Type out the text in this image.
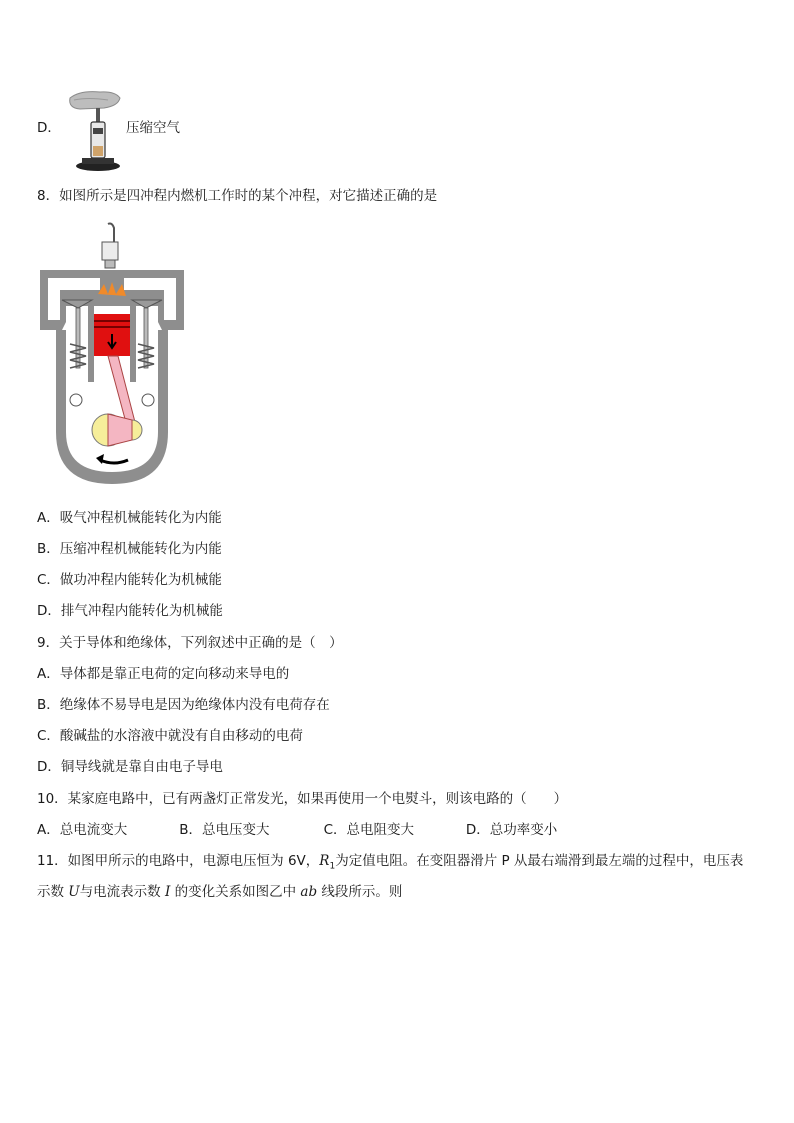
D．	压缩空气
8．如图所示是四冲程内燃机工作时的某个冲程，对它描述正确的是
A．吸气冲程机械能转化为内能
B．压缩冲程机械能转化为内能
C．做功冲程内能转化为机械能
D．排气冲程内能转化为机械能
9．关于导体和绝缘体，下列叙述中正确的是（　）
A．导体都是靠正电荷的定向移动来导电的
B．绝缘体不易导电是因为绝缘体内没有电荷存在
C．酸碱盐的水溶液中就没有自由移动的电荷
D．铜导线就是靠自由电子导电
10．某家庭电路中，已有两盏灯正常发光，如果再使用一个电熨斗，则该电路的（　　）
A．总电流变大	B．总电压变大	C．总电阻变大	D．总功率变小
11．如图甲所示的电路中，电源电压恒为 6V，$R_1$为定值电阻。在变阻器滑片 P 从最右端滑到最左端的过程中，电压表
示数 U与电流表示数 I 的变化关系如图乙中 ab 线段所示。则
